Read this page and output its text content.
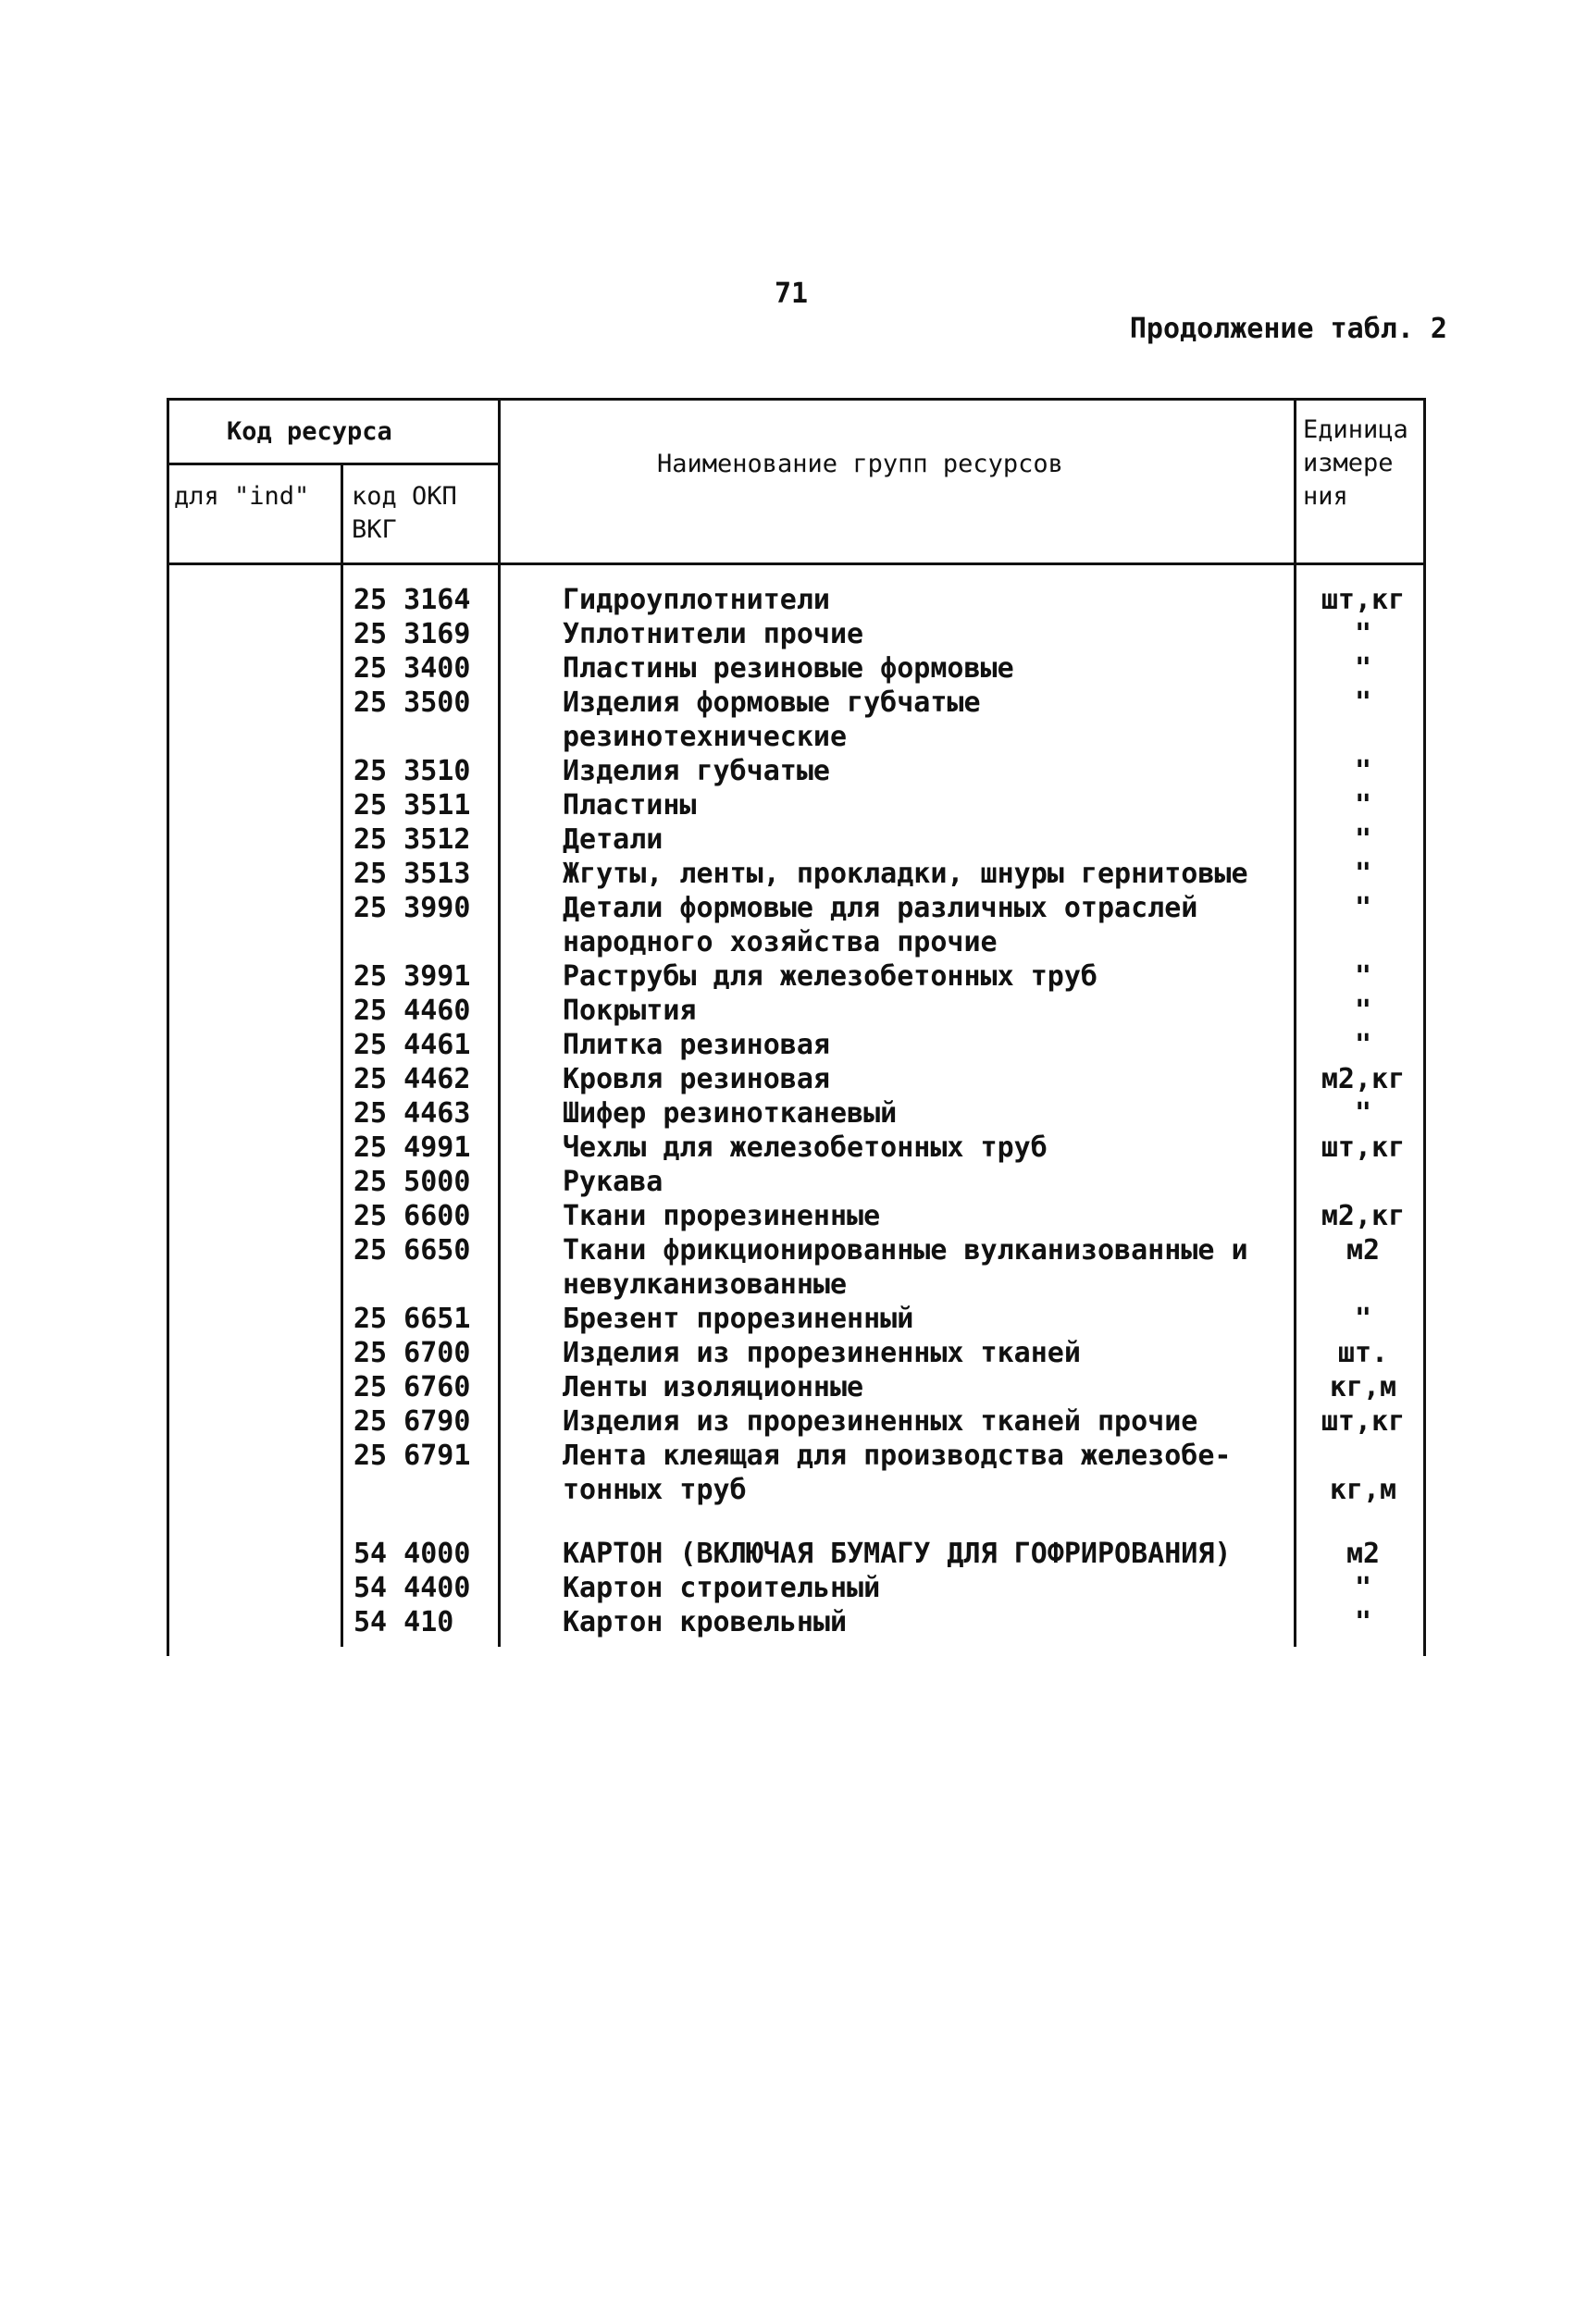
71
Продолжение табл. 2
Код ресурса
для "ind" код ОКП
ВКГ
Наименование групп ресурсов
Единица
измере
ния
25 3164
25 3169
25 3400
25 3500
25 3510
25 3511
25 3512
25 3513
25 3990
25 3991
25 4460
25 4461
25 4462
25 4463
25 4991
25 5000
25 6600
25 6650
25 6651
25 6700
25 6760
25 6790
25 6791
54 4000
54 4400
54 410
Гидроуплотнители
Уплотнители прочие
Пластины резиновые формовые
Изделия формовые губчатые
резинотехнические
Изделия губчатые
Пластины
Детали
Жгуты, ленты, прокладки, шнуры гернитовые
Детали формовые для различных отраслей
народного хозяйства прочие
Раструбы для железобетонных труб
Покрытия
Плитка резиновая
Кровля резиновая
Шифер резинотканевый
Чехлы для железобетонных труб
Рукава
Ткани прорезиненные
Ткани фрикционированные вулканизованные и
невулканизованные
Брезент прорезиненный
Изделия из прорезиненных тканей
Ленты изоляционные
Изделия из прорезиненных тканей прочие
Лента клеящая для производства железобе-
тонных труб
КАРТОН (ВКЛЮЧАЯ БУМАГУ ДЛЯ ГОФРИРОВАНИЯ)
Картон строительный
Картон кровельный
шт,кг
"
"
"
"
"
"
"
"
"
"
"
м2,кг
"
шт,кг
м2,кг
м2
"
шт.
кг,м
шт,кг
кг,м
м2
"
"
